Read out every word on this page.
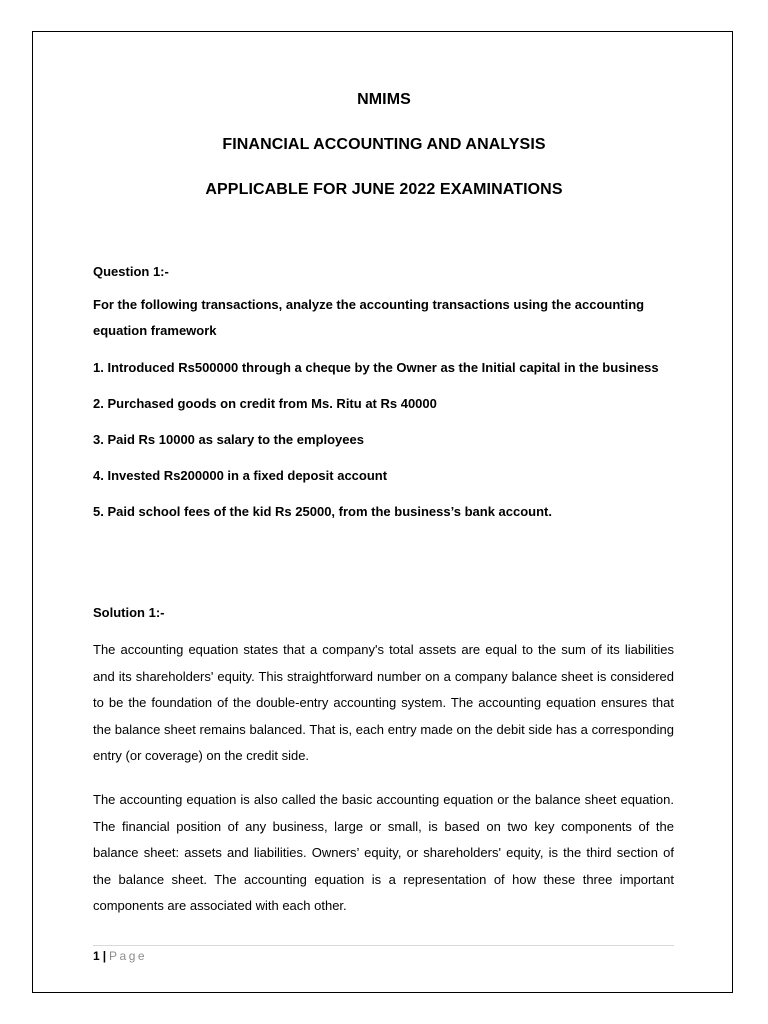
NMIMS
FINANCIAL ACCOUNTING AND ANALYSIS
APPLICABLE FOR JUNE 2022 EXAMINATIONS
Question 1:-

For the following transactions, analyze the accounting transactions using the accounting equation framework

1. Introduced Rs500000 through a cheque by the Owner as the Initial capital in the business

2. Purchased goods on credit from Ms. Ritu at Rs 40000

3. Paid Rs 10000 as salary to the employees

4. Invested Rs200000 in a fixed deposit account

5. Paid school fees of the kid Rs 25000, from the business’s bank account.

Solution 1:-

The accounting equation states that a company's total assets are equal to the sum of its liabilities and its shareholders' equity. This straightforward number on a company balance sheet is considered to be the foundation of the double-entry accounting system. The accounting equation ensures that the balance sheet remains balanced. That is, each entry made on the debit side has a corresponding entry (or coverage) on the credit side.

The accounting equation is also called the basic accounting equation or the balance sheet equation. The financial position of any business, large or small, is based on two key components of the balance sheet: assets and liabilities. Owners’ equity, or shareholders' equity, is the third section of the balance sheet. The accounting equation is a representation of how these three important components are associated with each other.

1 | Page
